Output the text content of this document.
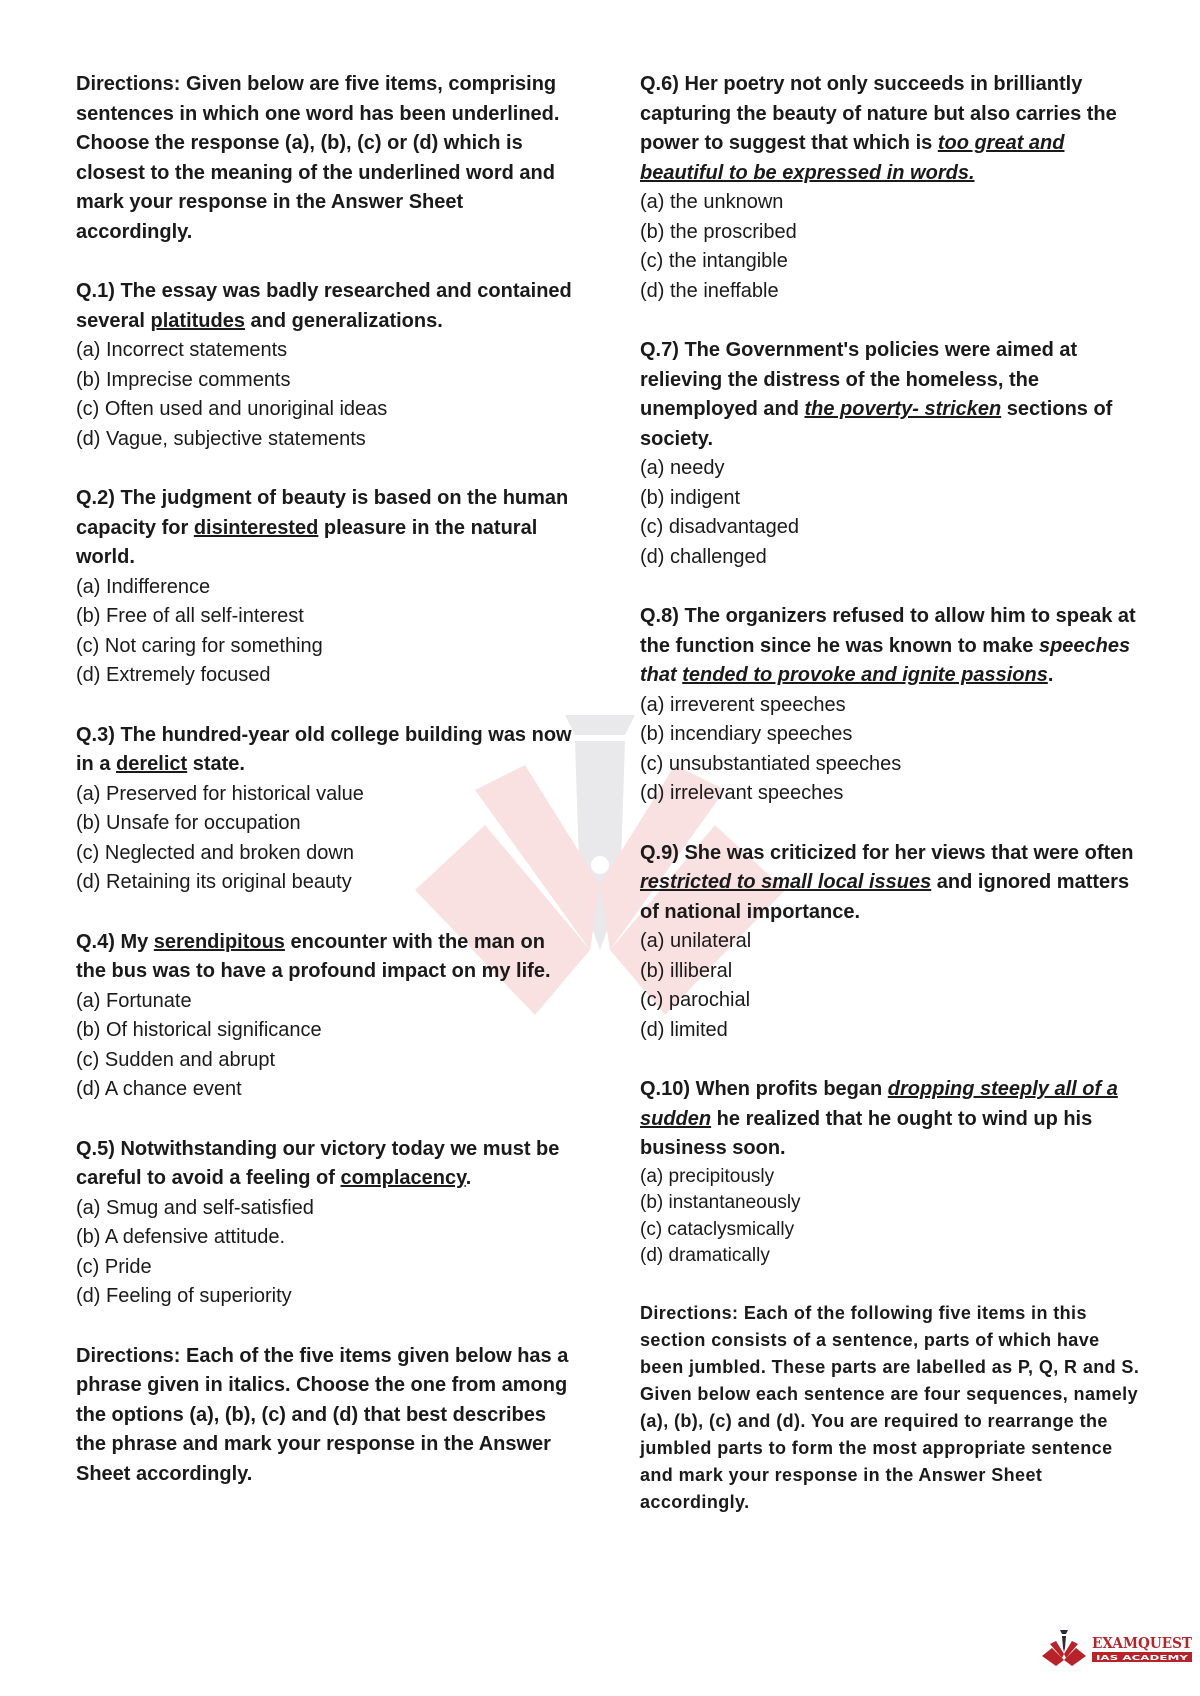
Directions: Given below are five items, comprising sentences in which one word has been underlined. Choose the response (a), (b), (c) or (d) which is closest to the meaning of the underlined word and mark your response in the Answer Sheet accordingly.
Q.1) The essay was badly researched and contained several platitudes and generalizations.
(a) Incorrect statements
(b) Imprecise comments
(c) Often used and unoriginal ideas
(d) Vague, subjective statements
Q.2) The judgment of beauty is based on the human capacity for disinterested pleasure in the natural world.
(a) Indifference
(b) Free of all self-interest
(c) Not caring for something
(d) Extremely focused
Q.3) The hundred-year old college building was now in a derelict state.
(a) Preserved for historical value
(b) Unsafe for occupation
(c) Neglected and broken down
(d) Retaining its original beauty
Q.4) My serendipitous encounter with the man on the bus was to have a profound impact on my life.
(a) Fortunate
(b) Of historical significance
(c) Sudden and abrupt
(d) A chance event
Q.5) Notwithstanding our victory today we must be careful to avoid a feeling of complacency.
(a) Smug and self-satisfied
(b) A defensive attitude.
(c) Pride
(d) Feeling of superiority
Directions: Each of the five items given below has a phrase given in italics. Choose the one from among the options (a), (b), (c) and (d) that best describes the phrase and mark your response in the Answer Sheet accordingly.
Q.6) Her poetry not only succeeds in brilliantly capturing the beauty of nature but also carries the power to suggest that which is too great and beautiful to be expressed in words.
(a) the unknown
(b) the proscribed
(c) the intangible
(d) the ineffable
Q.7) The Government's policies were aimed at relieving the distress of the homeless, the unemployed and the poverty- stricken sections of society.
(a) needy
(b) indigent
(c) disadvantaged
(d) challenged
Q.8) The organizers refused to allow him to speak at the function since he was known to make speeches that tended to provoke and ignite passions.
(a) irreverent speeches
(b) incendiary speeches
(c) unsubstantiated speeches
(d) irrelevant speeches
Q.9) She was criticized for her views that were often restricted to small local issues and ignored matters of national importance.
(a) unilateral
(b) illiberal
(c) parochial
(d) limited
Q.10) When profits began dropping steeply all of a sudden he realized that he ought to wind up his business soon.
(a) precipitously
(b) instantaneously
(c) cataclysmically
(d) dramatically
Directions: Each of the following five items in this section consists of a sentence, parts of which have been jumbled. These parts are labelled as P, Q, R and S. Given below each sentence are four sequences, namely (a), (b), (c) and (d). You are required to rearrange the jumbled parts to form the most appropriate sentence and mark your response in the Answer Sheet accordingly.
EXAMQUEST
IAS ACADEMY
